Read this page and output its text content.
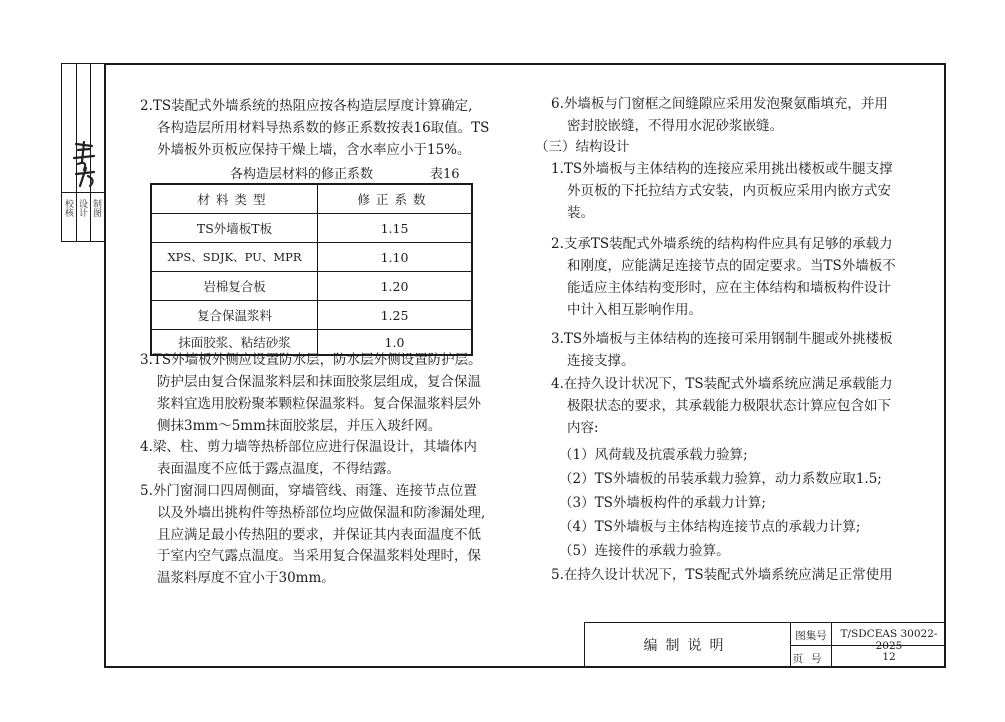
校核 设计 制图
2.TS装配式外墙系统的热阻应按各构造层厚度计算确定,
各构造层所用材料导热系数的修正系数按表16取值。TS
外墙板外页板应保持干燥上墙，含水率应小于15%。
各构造层材料的修正系数	表16
材料类型	修正系数
TS外墙板T板	1.15
XPS、SDJK、PU、MPR	1.10
岩棉复合板	1.20
复合保温浆料	1.25
抹面胶浆、粘结砂浆	1.0
3.TS外墙板外侧应设置防水层，防水层外侧设置防护层。
防护层由复合保温浆料层和抹面胶浆层组成，复合保温
浆料宜选用胶粉聚苯颗粒保温浆料。复合保温浆料层外
侧抹3mm～5mm抹面胶浆层，并压入玻纤网。
4.梁、柱、剪力墙等热桥部位应进行保温设计，其墙体内
表面温度不应低于露点温度，不得结露。
5.外门窗洞口四周侧面，穿墙管线、雨篷、连接节点位置
以及外墙出挑构件等热桥部位均应做保温和防渗漏处理,
且应满足最小传热阻的要求，并保证其内表面温度不低
于室内空气露点温度。当采用复合保温浆料处理时，保
温浆料厚度不宜小于30mm。
6.外墙板与门窗框之间缝隙应采用发泡聚氨酯填充，并用
密封胶嵌缝，不得用水泥砂浆嵌缝。
（三）结构设计
1.TS外墙板与主体结构的连接应采用挑出楼板或牛腿支撑
外页板的下托拉结方式安装，内页板应采用内嵌方式安
装。
2.支承TS装配式外墙系统的结构构件应具有足够的承载力
和刚度，应能满足连接节点的固定要求。当TS外墙板不
能适应主体结构变形时，应在主体结构和墙板构件设计
中计入相互影响作用。
3.TS外墙板与主体结构的连接可采用钢制牛腿或外挑楼板
连接支撑。
4.在持久设计状况下，TS装配式外墙系统应满足承载能力
极限状态的要求，其承载能力极限状态计算应包含如下
内容:
（1）风荷载及抗震承载力验算;
（2）TS外墙板的吊装承载力验算，动力系数应取1.5;
（3）TS外墙板构件的承载力计算;
（4）TS外墙板与主体结构连接节点的承载力计算;
（5）连接件的承载力验算。
5.在持久设计状况下，TS装配式外墙系统应满足正常使用
编制说明
图集号	T/SDCEAS 30022-2025
页号	12
